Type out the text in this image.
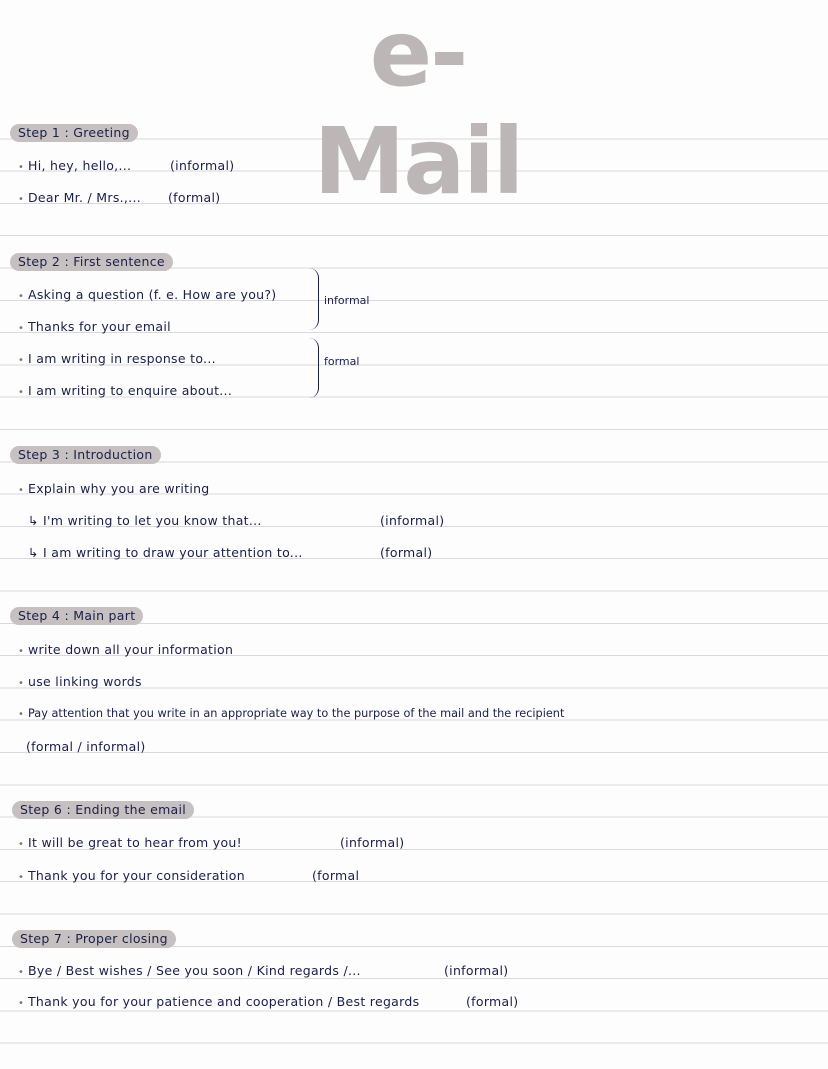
e-Mail
Step 1 : Greeting
• Hi, hey, hello,...	(informal)
• Dear Mr. / Mrs.,... (formal)
Step 2 : First sentence
• Asking a question (f. e. How are you?)
• Thanks for your email
• I am writing in response to...
• I am writing to enquire about...
informal
formal
Step 3 : Introduction
• Explain why you are writing
↳ I'm writing to let you know that...	(informal)
↳ I am writing to draw your attention to...	(formal)
Step 4 : Main part
• write down all your information
• use linking words
• Pay attention that you write in an appropriate way to the purpose of the mail and the recipient
(formal / informal)
Step 6 : Ending the email
• It will be great to hear from you!	(informal)
• Thank you for your consideration	(formal
Step 7 : Proper closing
• Bye / Best wishes / See you soon / Kind regards /...	(informal)
• Thank you for your patience and cooperation / Best regards	(formal)
